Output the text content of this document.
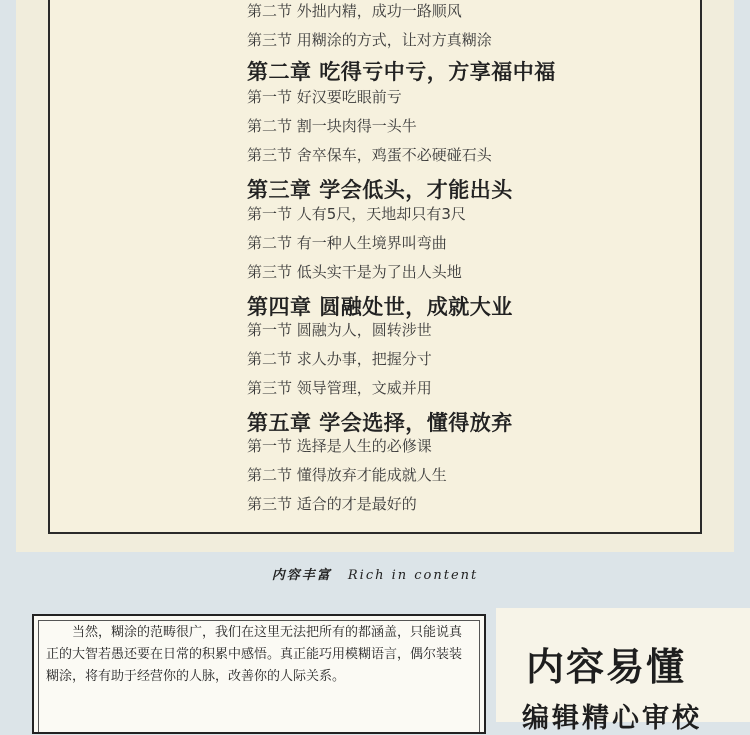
第二节 外拙内精，成功一路顺风
第三节 用糊涂的方式，让对方真糊涂
第二章 吃得亏中亏，方享福中福
第一节 好汉要吃眼前亏
第二节 割一块肉得一头牛
第三节 舍卒保车，鸡蛋不必硬碰石头
第三章 学会低头，才能出头
第一节 人有5尺，天地却只有3尺
第二节 有一种人生境界叫弯曲
第三节 低头实干是为了出人头地
第四章 圆融处世，成就大业
第一节 圆融为人，圆转涉世
第二节 求人办事，把握分寸
第三节 领导管理，文威并用
第五章 学会选择，懂得放弃
第一节 选择是人生的必修课
第二节 懂得放弃才能成就人生
第三节 适合的才是最好的
内容丰富 Rich in content

当然，糊涂的范畴很广，我们在这里无法把所有的都涵盖，只能说真正的大智若愚还要在日常的积累中感悟。真正能巧用模糊语言，偶尔装装糊涂，将有助于经营你的人脉，改善你的人际关系。	内容易懂
编辑精心审校
